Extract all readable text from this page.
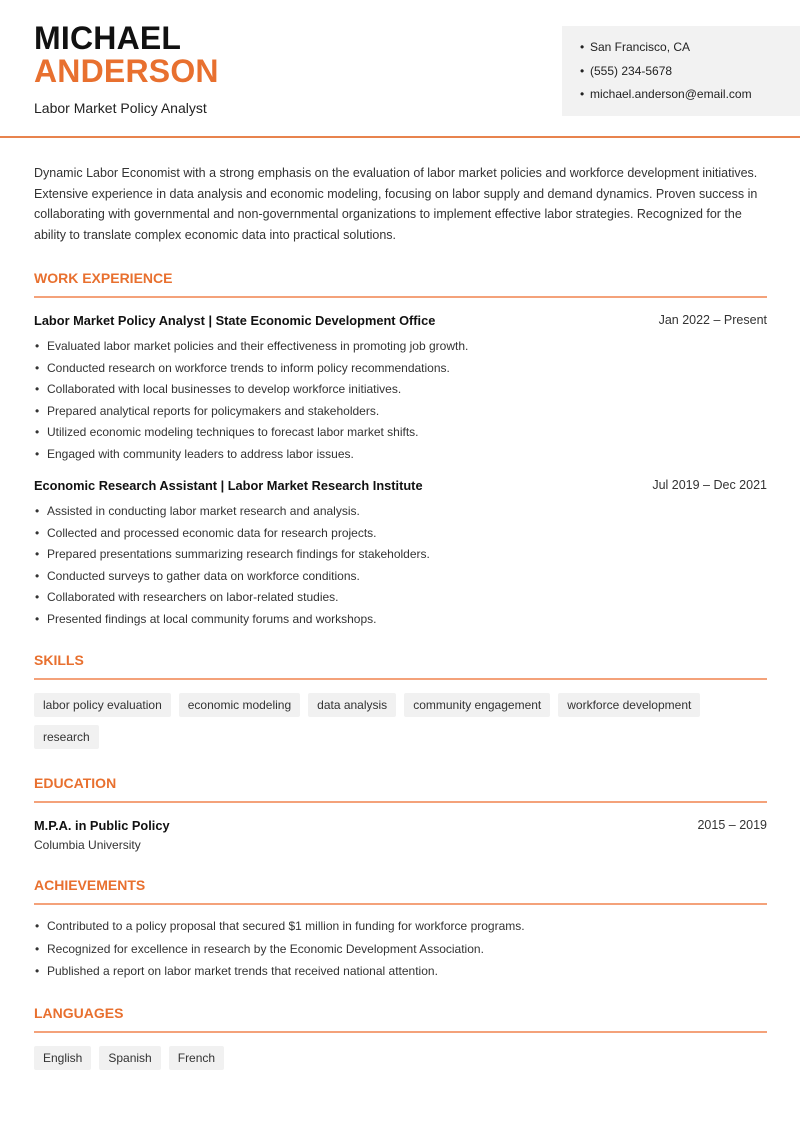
MICHAEL
ANDERSON
Labor Market Policy Analyst
• San Francisco, CA
• (555) 234-5678
• michael.anderson@email.com

Dynamic Labor Economist with a strong emphasis on the evaluation of labor market policies and workforce development initiatives. Extensive experience in data analysis and economic modeling, focusing on labor supply and demand dynamics. Proven success in collaborating with governmental and non-governmental organizations to implement effective labor strategies. Recognized for the ability to translate complex economic data into practical solutions.

WORK EXPERIENCE
Labor Market Policy Analyst | State Economic Development Office	Jan 2022 – Present
• Evaluated labor market policies and their effectiveness in promoting job growth.
• Conducted research on workforce trends to inform policy recommendations.
• Collaborated with local businesses to develop workforce initiatives.
• Prepared analytical reports for policymakers and stakeholders.
• Utilized economic modeling techniques to forecast labor market shifts.
• Engaged with community leaders to address labor issues.
Economic Research Assistant | Labor Market Research Institute	Jul 2019 – Dec 2021
• Assisted in conducting labor market research and analysis.
• Collected and processed economic data for research projects.
• Prepared presentations summarizing research findings for stakeholders.
• Conducted surveys to gather data on workforce conditions.
• Collaborated with researchers on labor-related studies.
• Presented findings at local community forums and workshops.
SKILLS
labor policy evaluation	economic modeling	data analysis	community engagement	workforce development
research
EDUCATION
M.P.A. in Public Policy	2015 – 2019
Columbia University
ACHIEVEMENTS
• Contributed to a policy proposal that secured $1 million in funding for workforce programs.
• Recognized for excellence in research by the Economic Development Association.
• Published a report on labor market trends that received national attention.
LANGUAGES
English	Spanish	French
